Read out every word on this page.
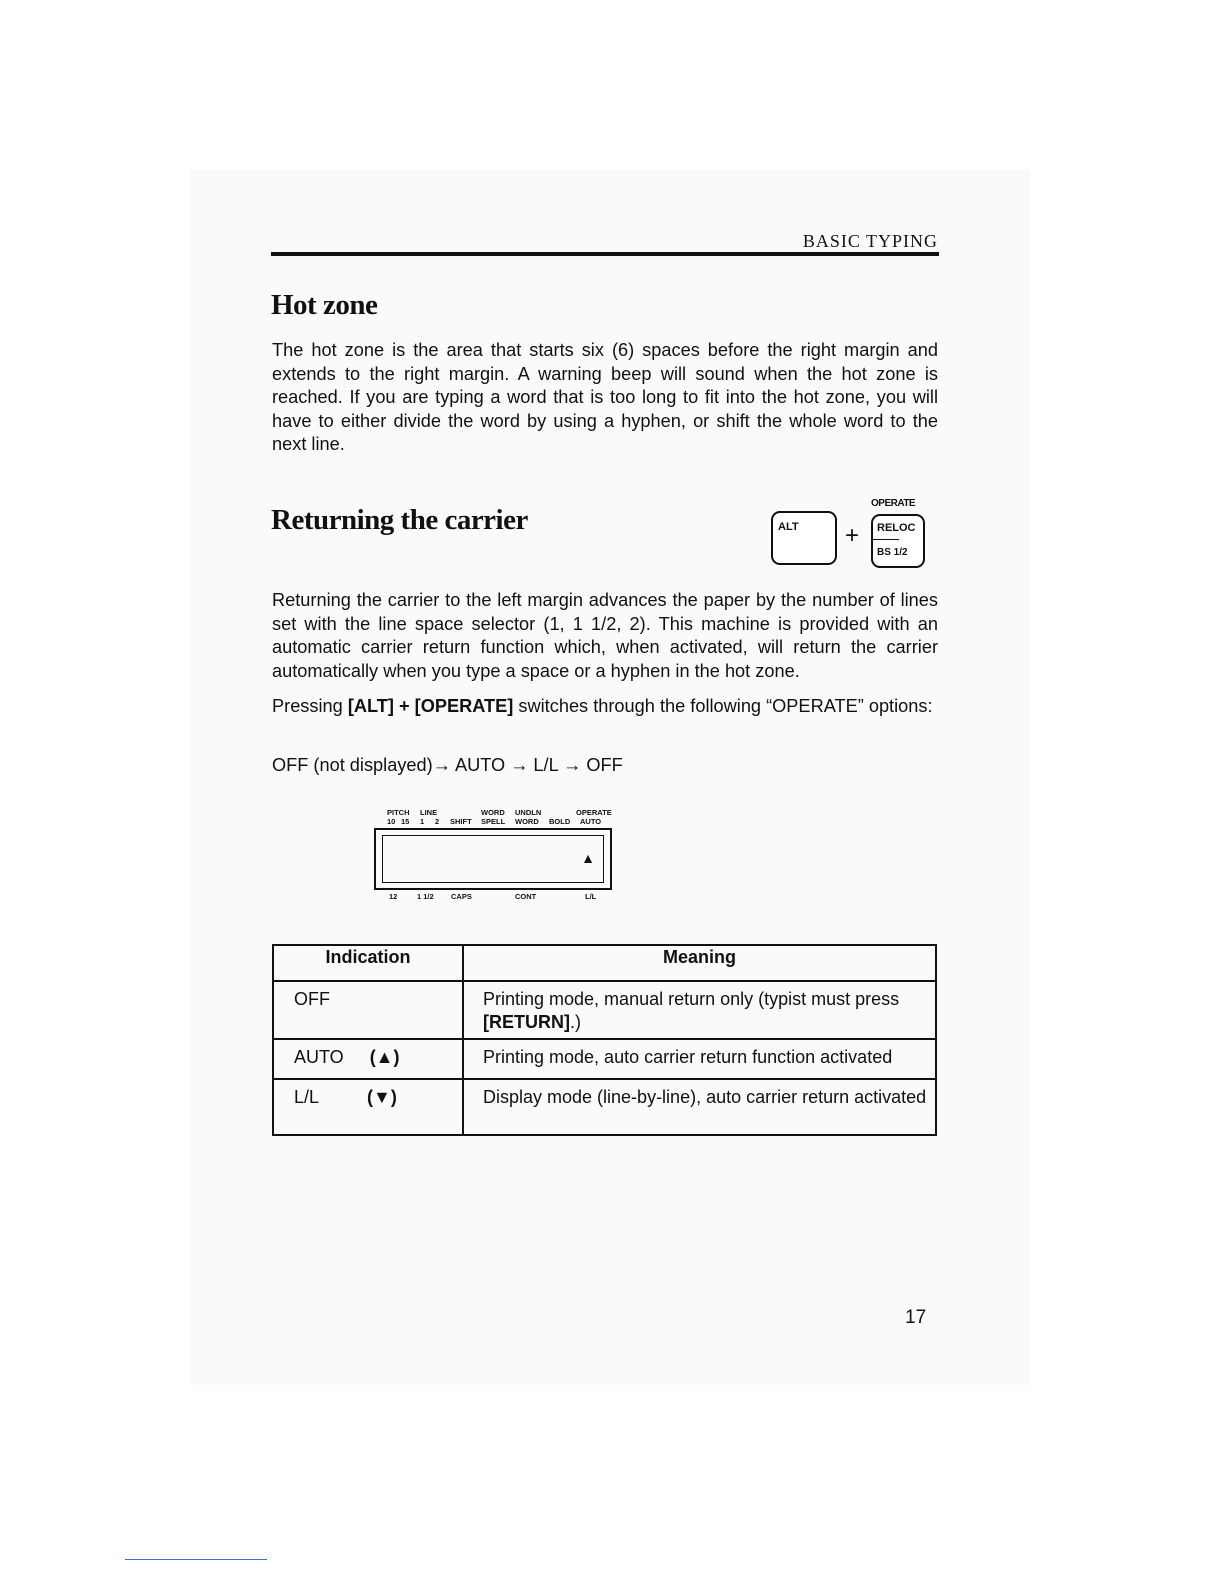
BASIC TYPING
Hot zone

The hot zone is the area that starts six (6) spaces before the right margin and extends to the right margin. A warning beep will sound when the hot zone is reached. If you are typing a word that is too long to fit into the hot zone, you will have to either divide the word by using a hyphen, or shift the whole word to the next line.

Returning the carrier
OPERATE
ALT + RELOC
BS 1/2

Returning the carrier to the left margin advances the paper by the number of lines set with the line space selector (1, 1 1/2, 2). This machine is provided with an automatic carrier return function which, when activated, will return the carrier automatically when you type a space or a hyphen in the hot zone.

Pressing [ALT] + [OPERATE] switches through the following “OPERATE” options:

OFF (not displayed)→ AUTO → L/L → OFF

PITCH LINE	WORD UNDLN	OPERATE
10 15 1 2 SHIFT SPELL WORD BOLD AUTO
▲
12	1 1/2 CAPS	CONT	L/L
Indication	Meaning
OFF	Printing mode, manual return only (typist must press [RETURN].)
AUTO (▲)	Printing mode, auto carrier return function activated
L/L (▼)	Display mode (line-by-line), auto carrier return activated
17
